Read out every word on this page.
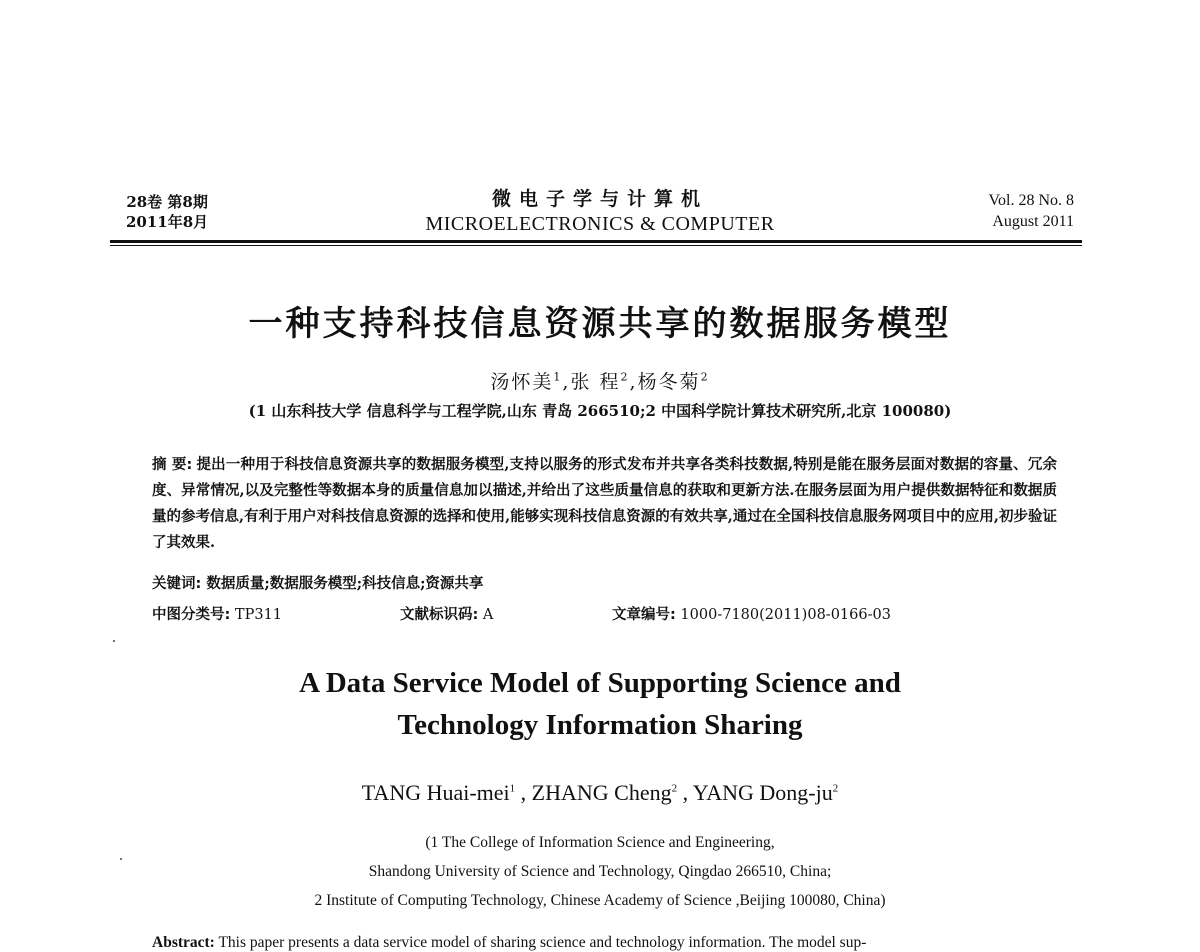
28卷 第8期
2011年8月
微电子学与计算机
MICROELECTRONICS & COMPUTER
Vol. 28 No. 8
August 2011
一种支持科技信息资源共享的数据服务模型
汤怀美$^1$,张 程$^2$,杨冬菊$^2$
(1 山东科技大学 信息科学与工程学院,山东 青岛 266510;2 中国科学院计算技术研究所,北京 100080)
摘 要: 提出一种用于科技信息资源共享的数据服务模型,支持以服务的形式发布并共享各类科技数据,特别是能在服务层面对数据的容量、冗余度、异常情况,以及完整性等数据本身的质量信息加以描述,并给出了这些质量信息的获取和更新方法.在服务层面为用户提供数据特征和数据质量的参考信息,有利于用户对科技信息资源的选择和使用,能够实现科技信息资源的有效共享,通过在全国科技信息服务网项目中的应用,初步验证了其效果.
关键词: 数据质量;数据服务模型;科技信息;资源共享
中图分类号: TP311	文献标识码: A	文章编号: 1000-7180(2011)08-0166-03
A Data Service Model of Supporting Science and
Technology Information Sharing
TANG Huai-mei$^1$ , ZHANG Cheng$^2$ , YANG Dong-$ju^2$
(1 The College of Information Science and Engineering,
Shandong University of Science and Technology, Qingdao 266510, China;
2 Institute of Computing Technology, Chinese Academy of Science ,Beijing 100080, China)
Abstract: This paper presents a data service model of sharing science and technology information. The model sup-
